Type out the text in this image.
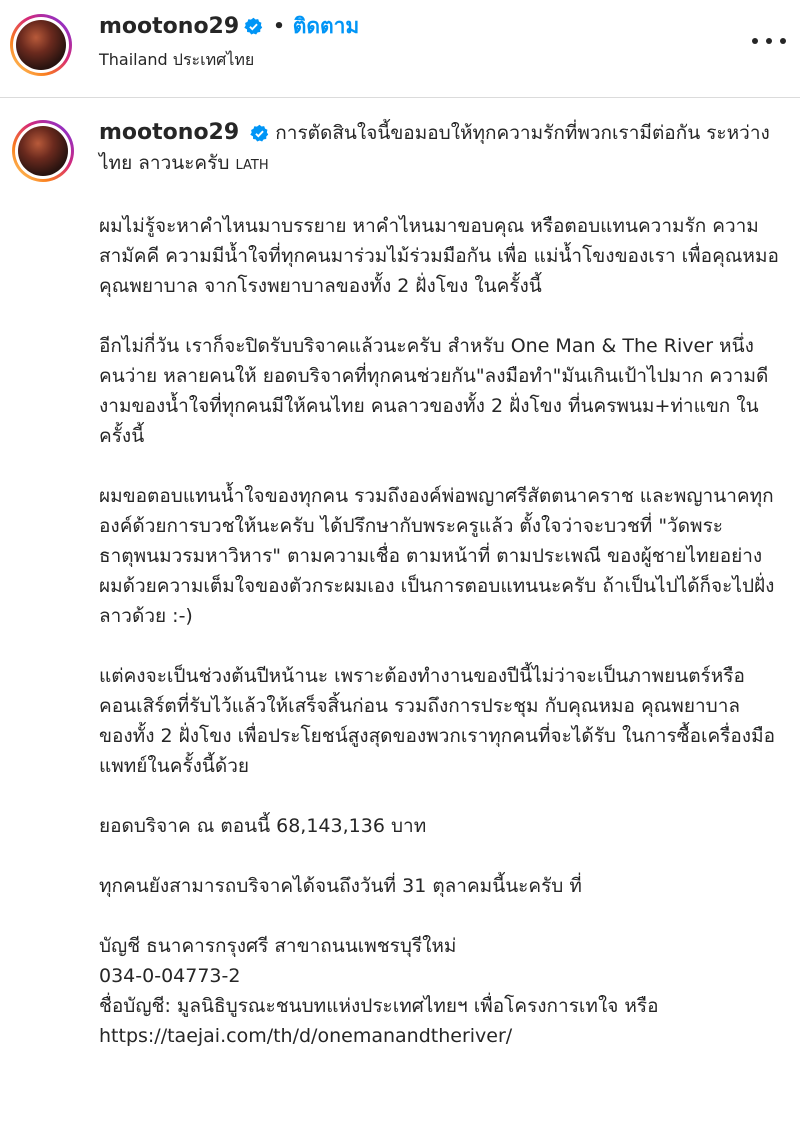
mootono29 • ติดตาม
Thailand ประเทศไทย

mootono29 การตัดสินใจนี้ขอมอบให้ทุกความรักที่พวกเรามีต่อกัน ระหว่าง ไทย ลาวนะครับ LATH

ผมไม่รู้จะหาคำไหนมาบรรยาย หาคำไหนมาขอบคุณ หรือตอบแทนความรัก ความสามัคคี ความมีน้ำใจที่ทุกคนมาร่วมไม้ร่วมมือกัน เพื่อ แม่น้ำโขงของเรา เพื่อคุณหมอ คุณพยาบาล จากโรงพยาบาลของทั้ง 2 ฝั่งโขง ในครั้งนี้

อีกไม่กี่วัน เราก็จะปิดรับบริจาคแล้วนะครับ สำหรับ One Man & The River หนึ่งคนว่าย หลายคนให้ ยอดบริจาคที่ทุกคนช่วยกัน"ลงมือทำ"มันเกินเป้าไปมาก ความดีงามของน้ำใจที่ทุกคนมีให้คนไทย คนลาวของทั้ง 2 ฝั่งโขง ที่นครพนม+ท่าแขก ในครั้งนี้

ผมขอตอบแทนน้ำใจของทุกคน รวมถึงองค์พ่อพญาศรีสัตตนาคราช และพญานาคทุกองค์ด้วยการบวชให้นะครับ ได้ปรึกษากับพระครูแล้ว ตั้งใจว่าจะบวชที่ "วัดพระธาตุพนมวรมหาวิหาร" ตามความเชื่อ ตามหน้าที่ ตามประเพณี ของผู้ชายไทยอย่างผมด้วยความเต็มใจของตัวกระผมเอง เป็นการตอบแทนนะครับ ถ้าเป็นไปได้ก็จะไปฝั่งลาวด้วย :-)

แต่คงจะเป็นช่วงต้นปีหน้านะ เพราะต้องทำงานของปีนี้ไม่ว่าจะเป็นภาพยนตร์หรือคอนเสิร์ตที่รับไว้แล้วให้เสร็จสิ้นก่อน รวมถึงการประชุม กับคุณหมอ คุณพยาบาล ของทั้ง 2 ฝั่งโขง เพื่อประโยชน์สูงสุดของพวกเราทุกคนที่จะได้รับ ในการซื้อเครื่องมือแพทย์ในครั้งนี้ด้วย

ยอดบริจาค ณ ตอนนี้ 68,143,136 บาท

ทุกคนยังสามารถบริจาคได้จนถึงวันที่ 31 ตุลาคมนี้นะครับ ที่

บัญชี ธนาคารกรุงศรี สาขาถนนเพชรบุรีใหม่

034-0-04773-2

ชื่อบัญชี: มูลนิธิบูรณะชนบทแห่งประเทศไทยฯ เพื่อโครงการเทใจ หรือ

https://taejai.com/th/d/onemanandtheriver/
